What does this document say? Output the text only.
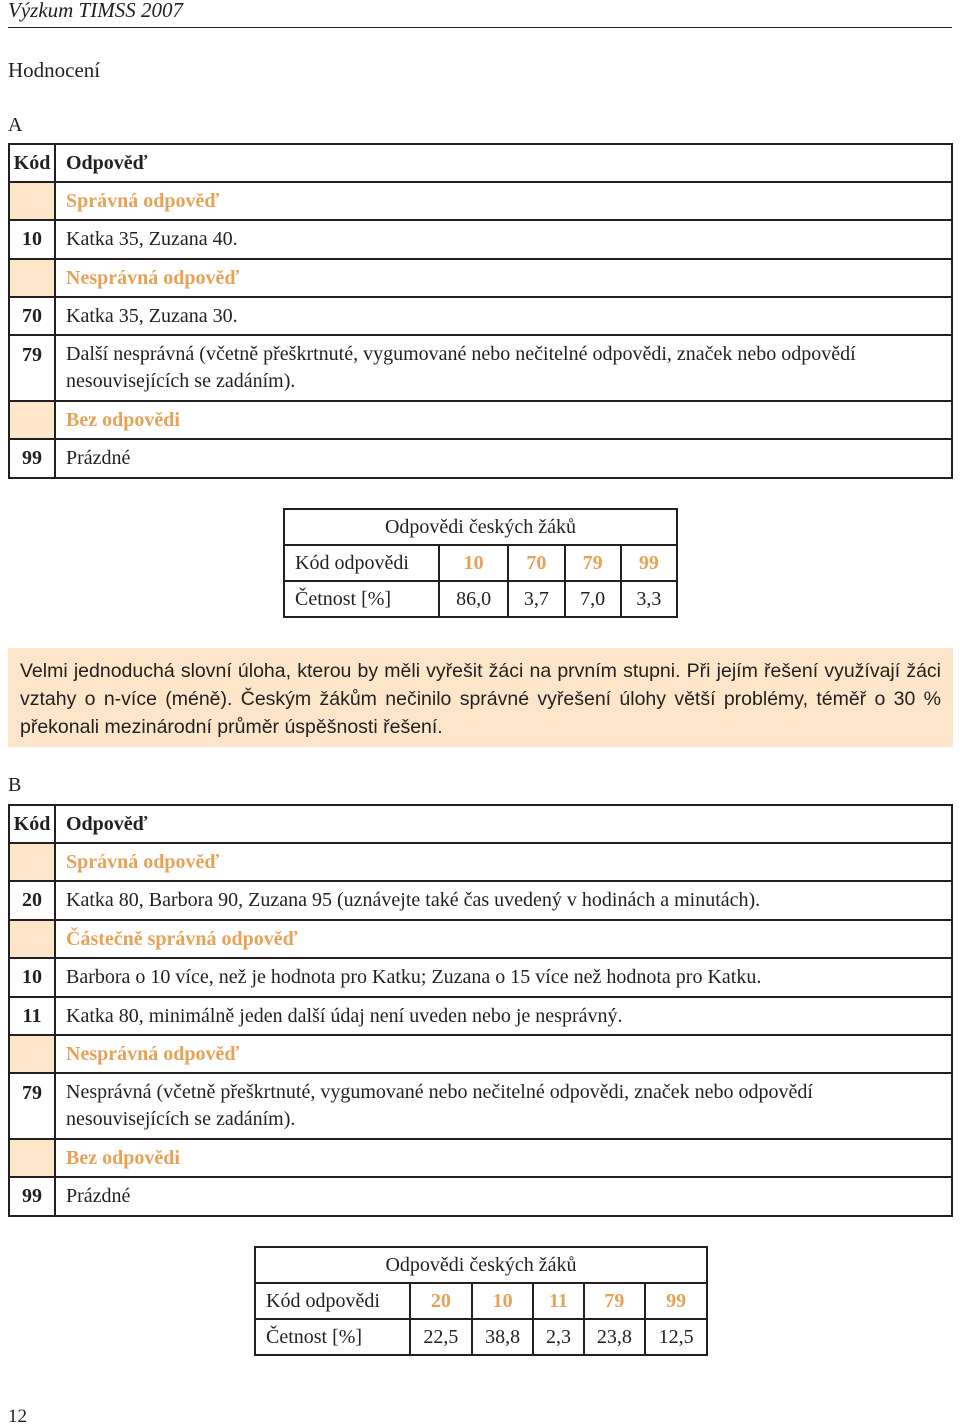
Výzkum TIMSS 2007
Hodnocení
A
Kód	Odpověď
	Správná odpověď
10	Katka 35, Zuzana 40.
	Nesprávná odpověď
70	Katka 35, Zuzana 30.
79	Další nesprávná (včetně přeškrtnuté, vygumované nebo nečitelné odpovědi, značek nebo odpovědí nesouvisejících se zadáním).
	Bez odpovědi
99	Prázdné
Odpovědi českých žáků				
Kód odpovědi	10	70	79	99
Četnost [%]	86,0	3,7	7,0	3,3
Velmi jednoduchá slovní úloha, kterou by měli vyřešit žáci na prvním stupni. Při jejím řešení využívají žáci vztahy o n-více (méně). Českým žákům nečinilo správné vyřešení úlohy větší problémy, téměř o 30 % překonali mezinárodní průměr úspěšnosti řešení.
B
Kód	Odpověď
	Správná odpověď
20	Katka 80, Barbora 90, Zuzana 95 (uznávejte také čas uvedený v hodinách a minutách).
	Částečně správná odpověď
10	Barbora o 10 více, než je hodnota pro Katku; Zuzana o 15 více než hodnota pro Katku.
11	Katka 80, minimálně jeden další údaj není uveden nebo je nesprávný.
	Nesprávná odpověď
79	Nesprávná (včetně přeškrtnuté, vygumované nebo nečitelné odpovědi, značek nebo odpovědí nesouvisejících se zadáním).
	Bez odpovědi
99	Prázdné
Odpovědi českých žáků					
Kód odpovědi	20	10	11	79	99
Četnost [%]	22,5	38,8	2,3	23,8	12,5
12
